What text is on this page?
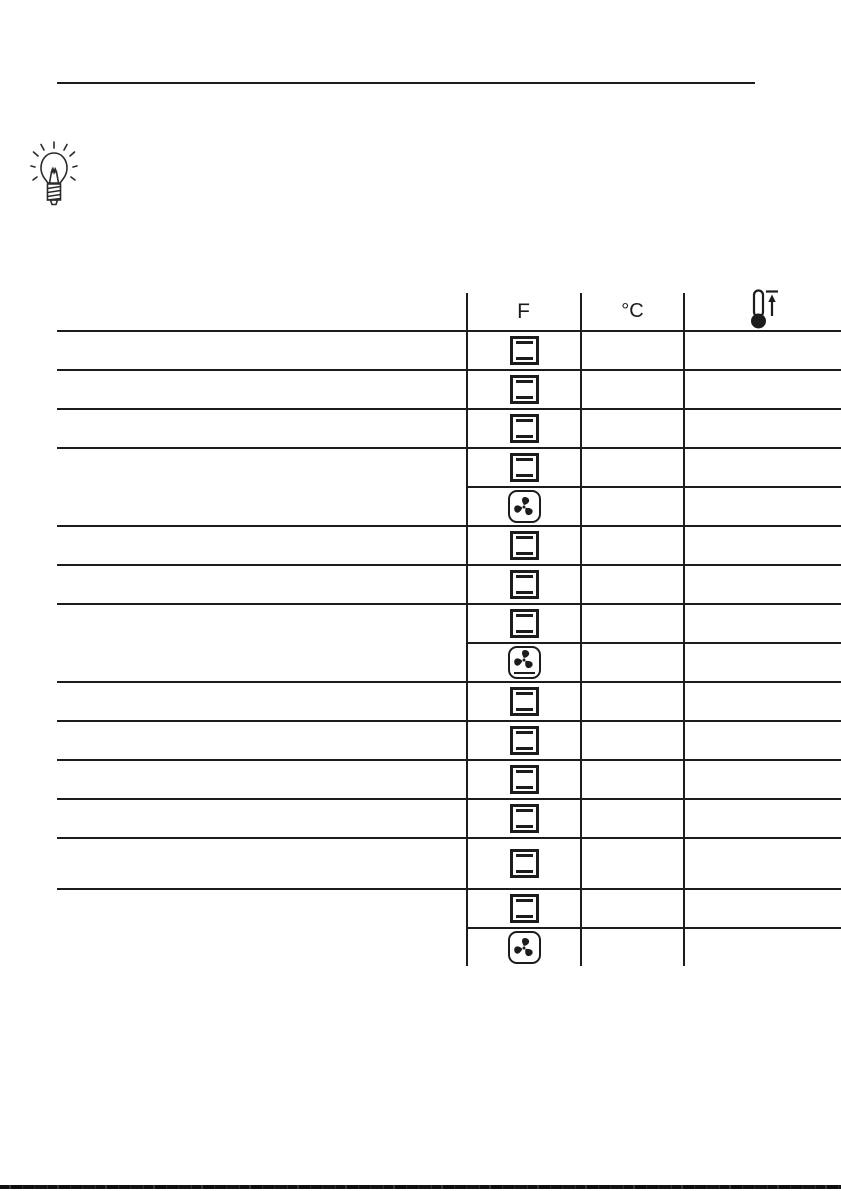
F	°C
